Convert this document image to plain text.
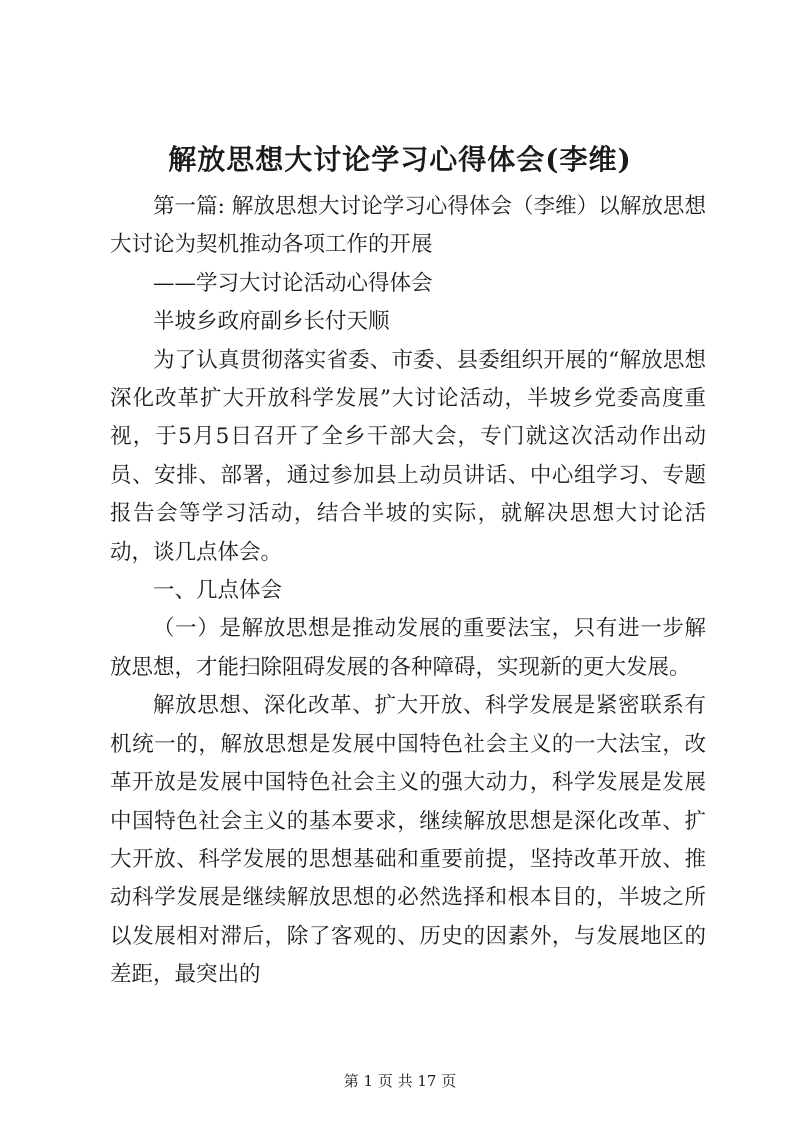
解放思想大讨论学习心得体会(李维)

第一篇: 解放思想大讨论学习心得体会（李维）以解放思想大讨论为契机推动各项工作的开展

——学习大讨论活动心得体会

半坡乡政府副乡长付天顺

为了认真贯彻落实省委、市委、县委组织开展的“解放思想深化改革扩大开放科学发展”大讨论活动，半坡乡党委高度重视，于5月5日召开了全乡干部大会，专门就这次活动作出动员、安排、部署，通过参加县上动员讲话、中心组学习、专题报告会等学习活动，结合半坡的实际，就解决思想大讨论活动，谈几点体会。

一、几点体会

（一）是解放思想是推动发展的重要法宝，只有进一步解放思想，才能扫除阻碍发展的各种障碍，实现新的更大发展。

解放思想、深化改革、扩大开放、科学发展是紧密联系有机统一的，解放思想是发展中国特色社会主义的一大法宝，改革开放是发展中国特色社会主义的强大动力，科学发展是发展中国特色社会主义的基本要求，继续解放思想是深化改革、扩大开放、科学发展的思想基础和重要前提，坚持改革开放、推动科学发展是继续解放思想的必然选择和根本目的，半坡之所以发展相对滞后，除了客观的、历史的因素外，与发展地区的差距，最突出的

第 1 页 共 17 页
